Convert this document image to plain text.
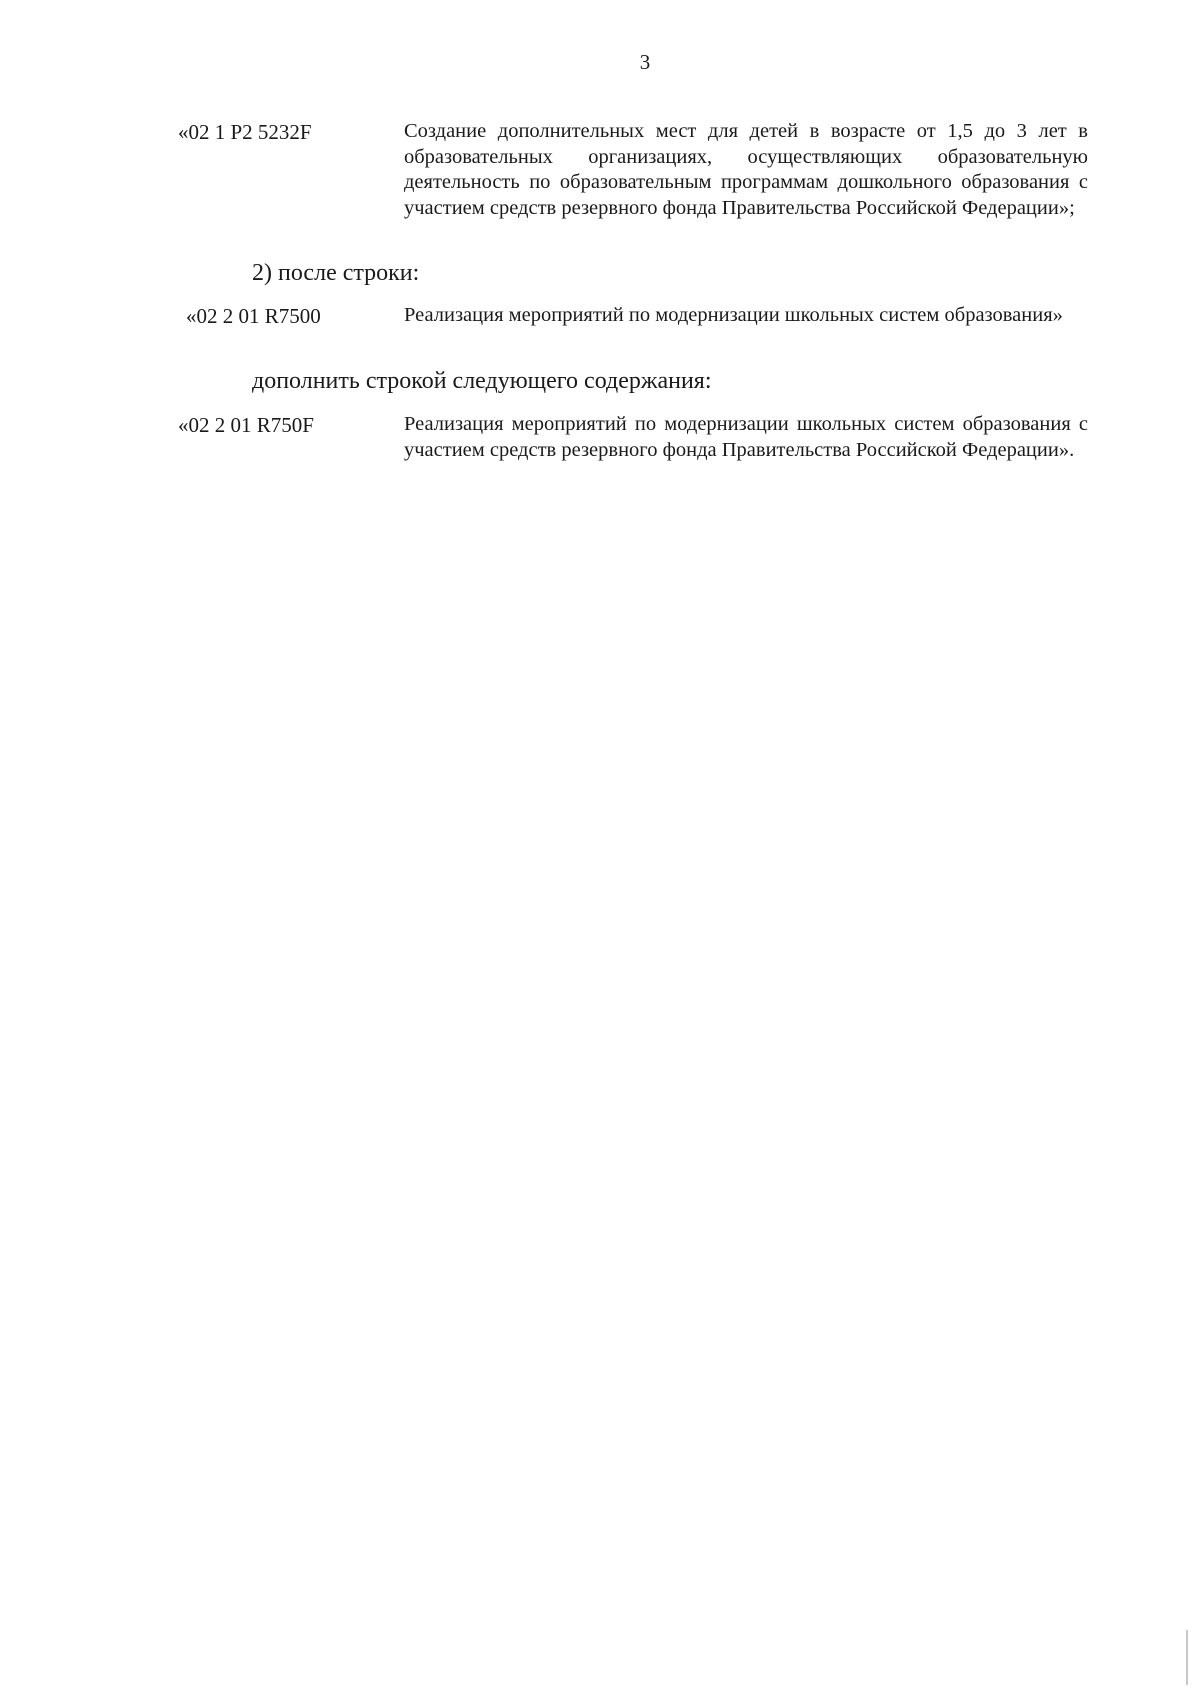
3
«02 1 P2 5232F	Создание дополнительных мест для детей в возрасте от 1,5 до 3 лет в образовательных организациях, осуществляющих образовательную деятельность по образовательным программам дошкольного образования с участием средств резервного фонда Правительства Российской Федерации»;
2) после строки:
«02 2 01 R7500	Реализация мероприятий по модернизации школьных систем образования»
дополнить строкой следующего содержания:
«02 2 01 R750F	Реализация мероприятий по модернизации школьных систем образования с участием средств резервного фонда Правительства Российской Федерации».
